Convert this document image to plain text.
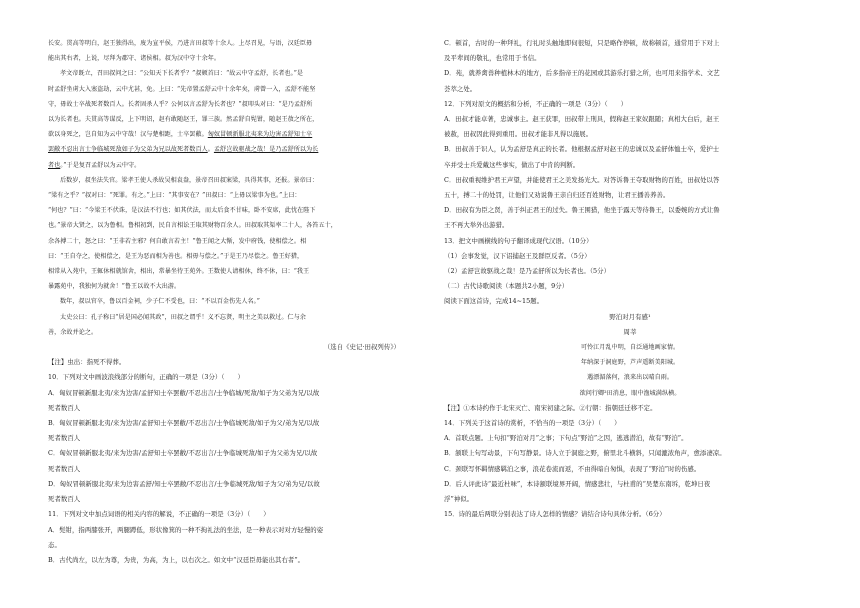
长安。贯高等明白，赵王独得出，废为宣平侯，乃进言田叔等十余人。上尽召见，与语，汉廷臣毋

能出其右者，上说，尽拜为郡守、诸侯相。叔为汉中守十余年。

孝文帝既立，召田叔问之曰：“公知天下长者乎？”叔顿首曰：“故云中守孟舒，长者也。”是

时孟舒坐虏大入塞盗劫，云中尤甚，免。上曰：“先帝置孟舒云中十余年矣，虏曾一入，孟舒不能坚

守，毋故士卒战死者数百人。长者固杀人乎？公何以言孟舒为长者也？”叔叩头对曰：“是乃孟舒所

以为长者也。夫贯高等谋反，上下明诏，赵有敢随赵王，罪三族。然孟舒自髡钳，随赵王敖之所在，

欲以身死之，岂自知为云中守哉！汉与楚相距，士卒罢敝。匈奴冒顿新服北夷来为边害孟舒知士卒

罢敝不忍出言士争临城死敌如子为父弟为兄以故死者数百人。孟舒岂故驱战之哉！是乃孟舒所以为长

者也。”于是复召孟舒以为云中守。

后数岁，叔坐法失官。梁孝王使人杀故吴相袁盎，景帝召田叔案梁，具得其事，还报。景帝曰：

“梁有之乎？”叔对曰：“死罪。有之。”上曰：“其事安在？”田叔曰：“上毋以梁事为也。”上曰：

“何也？”曰：“今梁王不伏诛，是汉法不行也；如其伏法，而太后食不甘味，卧不安席，此忧在陛下

也。”景帝大贤之，以为鲁相。鲁相初到，民自言相讼王取其财物百余人。田叔取其渠率二十人，各笞五十，

余各搏二十，怒之曰：“王非若主邪？何自敢言若主！”鲁王闻之大惭，发中府钱，使相偿之。相

曰：“王自夺之，使相偿之，是王为恶而相为善也。相毋与偿之。”于是王乃尽偿之。鲁王好猎，

相常从入苑中，王辄休相就馆舍，相出，常暴坐待王苑外。王数使人请相休，终不休，曰：“我王

暴露苑中，我独何为就舍！”鲁王以故不大出游。

数年，叔以官卒，鲁以百金祠，少子仁不受也，曰：“不以百金伤先人名。”

太史公曰：孔子称曰“居是国必闻其政”，田叔之谓乎！义不忘贤，明主之美以救过。仁与余

善，余故并论之。

（选自《史记·田叔列传》）

【注】虫出：指死不得葬。

10．下列对文中画波浪线部分的断句，正确的一项是（3分）（　　）

A．匈奴冒顿新服北夷/来为边害/孟舒知士卒罢敝/不忍出言/士争临城/死敌/如子为父弟为兄/以故
死者数百人

B．匈奴冒顿新服北夷/来为边害/孟舒知士卒罢敝/不忍出言/士争临城死敌/如子为父/弟为兄/以故
死者数百人

C．匈奴冒顿新服北夷/来为边害/孟舒知士卒罢敝/不忍出言/士争临城死敌/如子为父弟为兄/以故
死者数百人

D．匈奴冒顿新服北夷/来为边害孟舒/知士卒罢敝/不忍出言/士争临城死敌/如子为父/弟为兄/以故
死者数百人

11．下列对文中加点词语的相关内容的解说，不正确的一项是（3分）（　　）

A．髡钳，指两膝张开，两腿蹲低，形状像箕的一种不拘礼法的坐法，是一种表示对对方轻慢的姿
态。

B．古代尚左，以左为尊，为贵，为高，为上，以右次之。如文中“汉廷臣毋能出其右者”。

C．顿首，古时的一种拜礼，行礼时头触地即伺很短，只是略作停顿，故称顿首，通常用于下对上
及平辈间的敬礼，也常用于书信。

D．苑，就养禽兽种植林木的地方，后多指帝王的花园或其游乐打猎之所，也可用来指学术、文艺
荟萃之处。

12．下列对原文的概括和分析，不正确的一项是（3分）（　　）

A．田叔才能卓著，忠诚事主。赵王获罪，田叔带上刑具，假称赵王家奴跟随；真相大白后，赵王
被赦，田叔因此得到重用。田叔才能非凡得以施展。

B．田叔善于识人，认为孟舒是真正的长者。他根据孟舒对赵王的忠诚以及孟舒体恤士卒，爱护士
卒并受士兵爱戴这些事实，做出了中肯的判断。

C．田叔重视维护君王声望，并能使君王之美发扬光大。对答诉鲁王夺取财物的百姓，田叔处以答
五十，搏二十的处罚，让他们又劝说鲁王亲自归还百姓财物，让君王播善养善。

D．田叔有为臣之贤，善于纠正君王的过失。鲁王围猎，他坐于露天等待鲁王，以委婉的方式让鲁
王不再大举外出游猎。

13．把文中画横线的句子翻译成现代汉语。（10分）

（1）会事发觉，汉下诏捕赵王及群臣反者。（5分）

（2）孟舒岂故驱战之哉！是乃孟舒所以为长者也。（5分）

（二）古代诗歌阅读（本题共2小题，9分）

阅读下面这首诗，完成14~15题。

野泊对月有感¹

周莘

可怜江月乱中明，自泛通地画家情。

年纳深于洞庭野，芦声遥断美阳城。

遇漂湄落何，浪来出以晴自雨。

欲问行卿²田消息，眼中渔城满纵横。

【注】①本诗约作于北宋灭亡、南宋初建之际。②行朝：指朝廷迁移不定。

14．下列关于这首诗的赏析，不恰当的一项是（3分）（　　）

A．首联点题。上句扣“野泊对月”之事；下句点“野泊”之因，逃逃潜泊，故有“野泊”。

B．颔联上句写动景，下句写静景。诗人立于洞庭之野，俯里北斗横斜，只闻漉浓角声，愈添凄凉。

C．颈联写怀羁情感羁泊之事，浪花卷流而返，不由得暗自匆惧，表现了“野泊”时的伤感。

D．后人评此诗“最近杜味”，本诗颔联境界开阔，情感悲壮，与杜甫的“吴楚东南坼，乾坤日夜
浮”神似。

15．诗的最后两联分别表达了诗人怎样的情感？请结合诗句具体分析。（6分）
